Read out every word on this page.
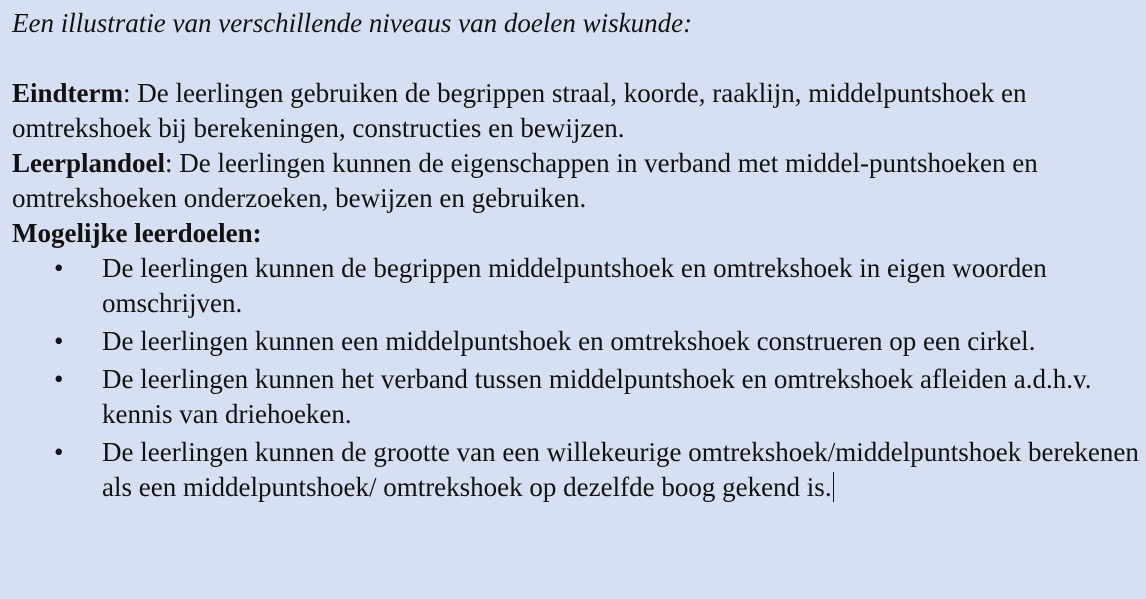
Een illustratie van verschillende niveaus van doelen wiskunde:

Eindterm: De leerlingen gebruiken de begrippen straal, koorde, raaklijn, middelpuntshoek en omtrekshoek bij berekeningen, constructies en bewijzen.

Leerplandoel: De leerlingen kunnen de eigenschappen in verband met middel-puntshoeken en omtrekshoeken onderzoeken, bewijzen en gebruiken.

Mogelijke leerdoelen:

• De leerlingen kunnen de begrippen middelpuntshoek en omtrekshoek in eigen woorden omschrijven.
• De leerlingen kunnen een middelpuntshoek en omtrekshoek construeren op een cirkel.
• De leerlingen kunnen het verband tussen middelpuntshoek en omtrekshoek afleiden a.d.h.v. kennis van driehoeken.
• De leerlingen kunnen de grootte van een willekeurige omtrekshoek/middelpuntshoek berekenen als een middelpuntshoek/ omtrekshoek op dezelfde boog gekend is.
